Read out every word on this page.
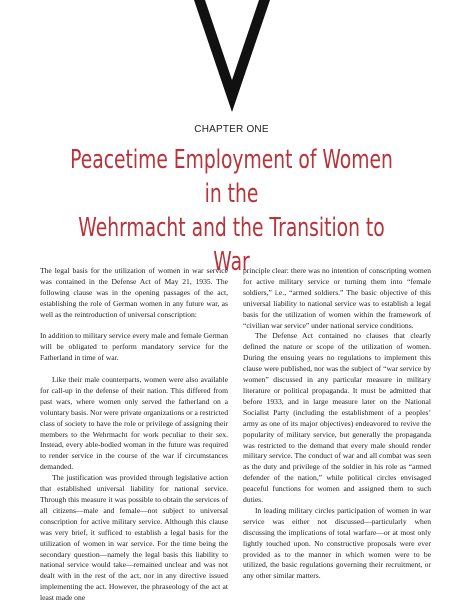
CHAPTER ONE

Peacetime Employment of Women in the
Wehrmacht and the Transition to War

The legal basis for the utilization of women in war service was contained in the Defense Act of May 21, 1935. The following clause was in the opening passages of the act, establishing the role of German women in any future war, as well as the reintroduction of universal conscription:

In addition to military service every male and female German will be obligated to perform mandatory service for the Fatherland in time of war.

Like their male counterparts, women were also available for call-up in the defense of their nation. This differed from past wars, where women only served the fatherland on a voluntary basis. Nor were private organizations or a restricted class of society to have the role or privilege of assigning their members to the Wehrmacht for work peculiar to their sex. Instead, every able-bodied woman in the future was required to render service in the course of the war if circumstances demanded.

The justification was provided through legislative action that established universal liability for national service. Through this measure it was possible to obtain the services of all citizens—male and female—not subject to universal conscription for active military service. Although this clause was very brief, it sufficed to establish a legal basis for the utilization of women in war service. For the time being the secondary question—namely the legal basis this liability to national service would take—remained unclear and was not dealt with in the rest of the act, nor in any directive issued implementing the act. However, the phraseology of the act at least made one

principle clear: there was no intention of conscripting women for active military service or turning them into “female soldiers,” i.e., “armed soldiers.” The basic objective of this universal liability to national service was to establish a legal basis for the utilization of women within the framework of “civilian war service” under national service conditions.

The Defense Act contained no clauses that clearly defined the nature or scope of the utilization of women. During the ensuing years no regulations to implement this clause were published, nor was the subject of “war service by women” discussed in any particular measure in military literature or political propaganda. It must be admitted that before 1933, and in large measure later on the National Socialist Party (including the establishment of a peoples’ army as one of its major objectives) endeavored to revive the popularity of military service, but generally the propaganda was restricted to the demand that every male should render military service. The conduct of war and all combat was seen as the duty and privilege of the soldier in his role as “armed defender of the nation,” while political circles envisaged peaceful functions for women and assigned them to such duties.

In leading military circles participation of women in war service was either not discussed—particularly when discussing the implications of total warfare—or at most only lightly touched upon. No constructive proposals were ever provided as to the manner in which women were to be utilized, the basic regulations governing their recruitment, or any other similar matters.
